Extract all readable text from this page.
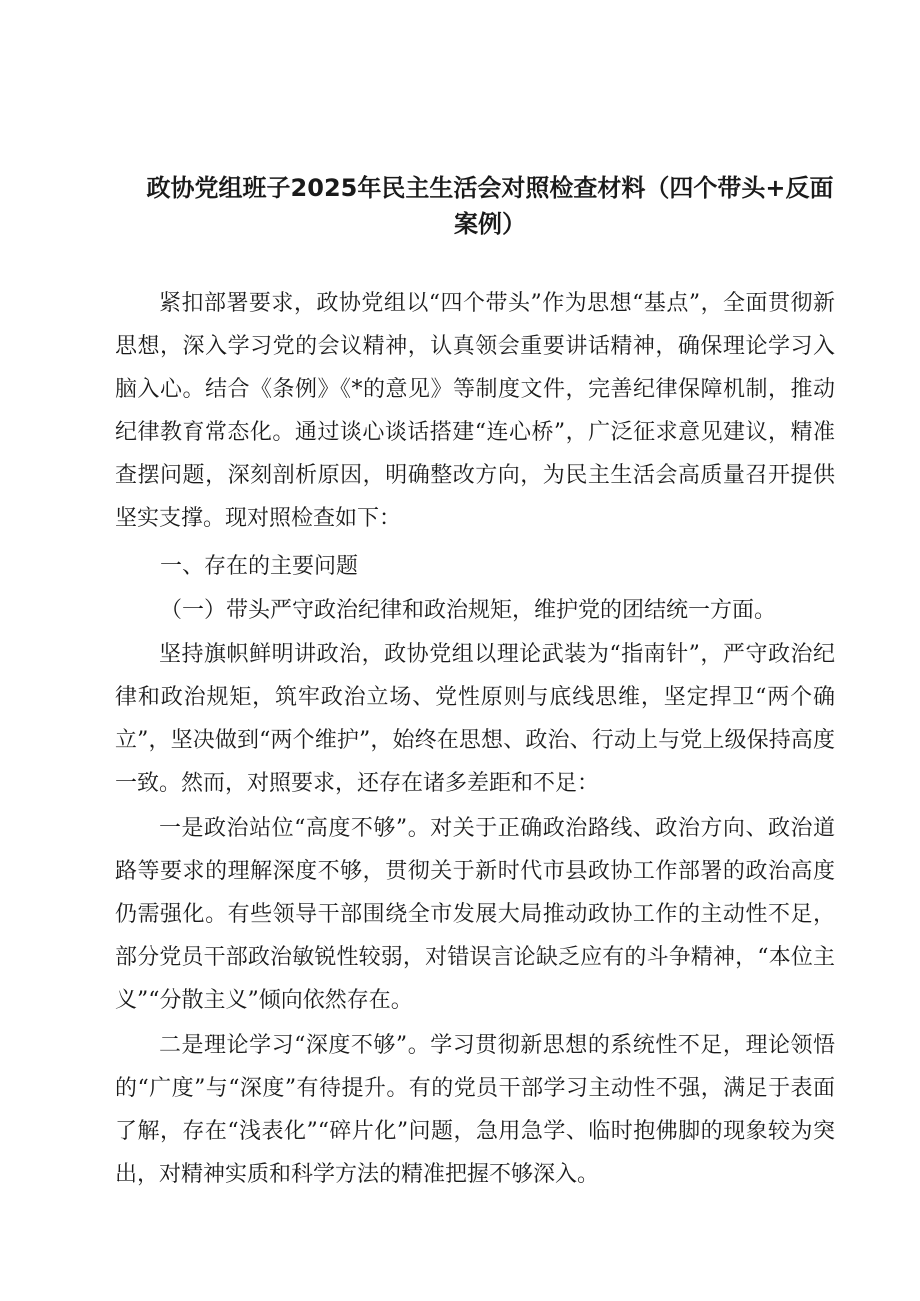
政协党组班子2025年民主生活会对照检查材料（四个带头+反面案例）

紧扣部署要求，政协党组以“四个带头”作为思想“基点”，全面贯彻新思想，深入学习党的会议精神，认真领会重要讲话精神，确保理论学习入脑入心。结合《条例》《*的意见》等制度文件，完善纪律保障机制，推动纪律教育常态化。通过谈心谈话搭建“连心桥”，广泛征求意见建议，精准查摆问题，深刻剖析原因，明确整改方向，为民主生活会高质量召开提供坚实支撑。现对照检查如下：

一、存在的主要问题
（一）带头严守政治纪律和政治规矩，维护党的团结统一方面。

坚持旗帜鲜明讲政治，政协党组以理论武装为“指南针”，严守政治纪律和政治规矩，筑牢政治立场、党性原则与底线思维，坚定捍卫“两个确立”，坚决做到“两个维护”，始终在思想、政治、行动上与党上级保持高度一致。然而，对照要求，还存在诸多差距和不足：

一是政治站位“高度不够”。对关于正确政治路线、政治方向、政治道路等要求的理解深度不够，贯彻关于新时代市县政协工作部署的政治高度仍需强化。有些领导干部围绕全市发展大局推动政协工作的主动性不足，部分党员干部政治敏锐性较弱，对错误言论缺乏应有的斗争精神，“本位主义”“分散主义”倾向依然存在。

二是理论学习“深度不够”。学习贯彻新思想的系统性不足，理论领悟的“广度”与“深度”有待提升。有的党员干部学习主动性不强，满足于表面了解，存在“浅表化”“碎片化”问题，急用急学、临时抱佛脚的现象较为突出，对精神实质和科学方法的精准把握不够深入。
